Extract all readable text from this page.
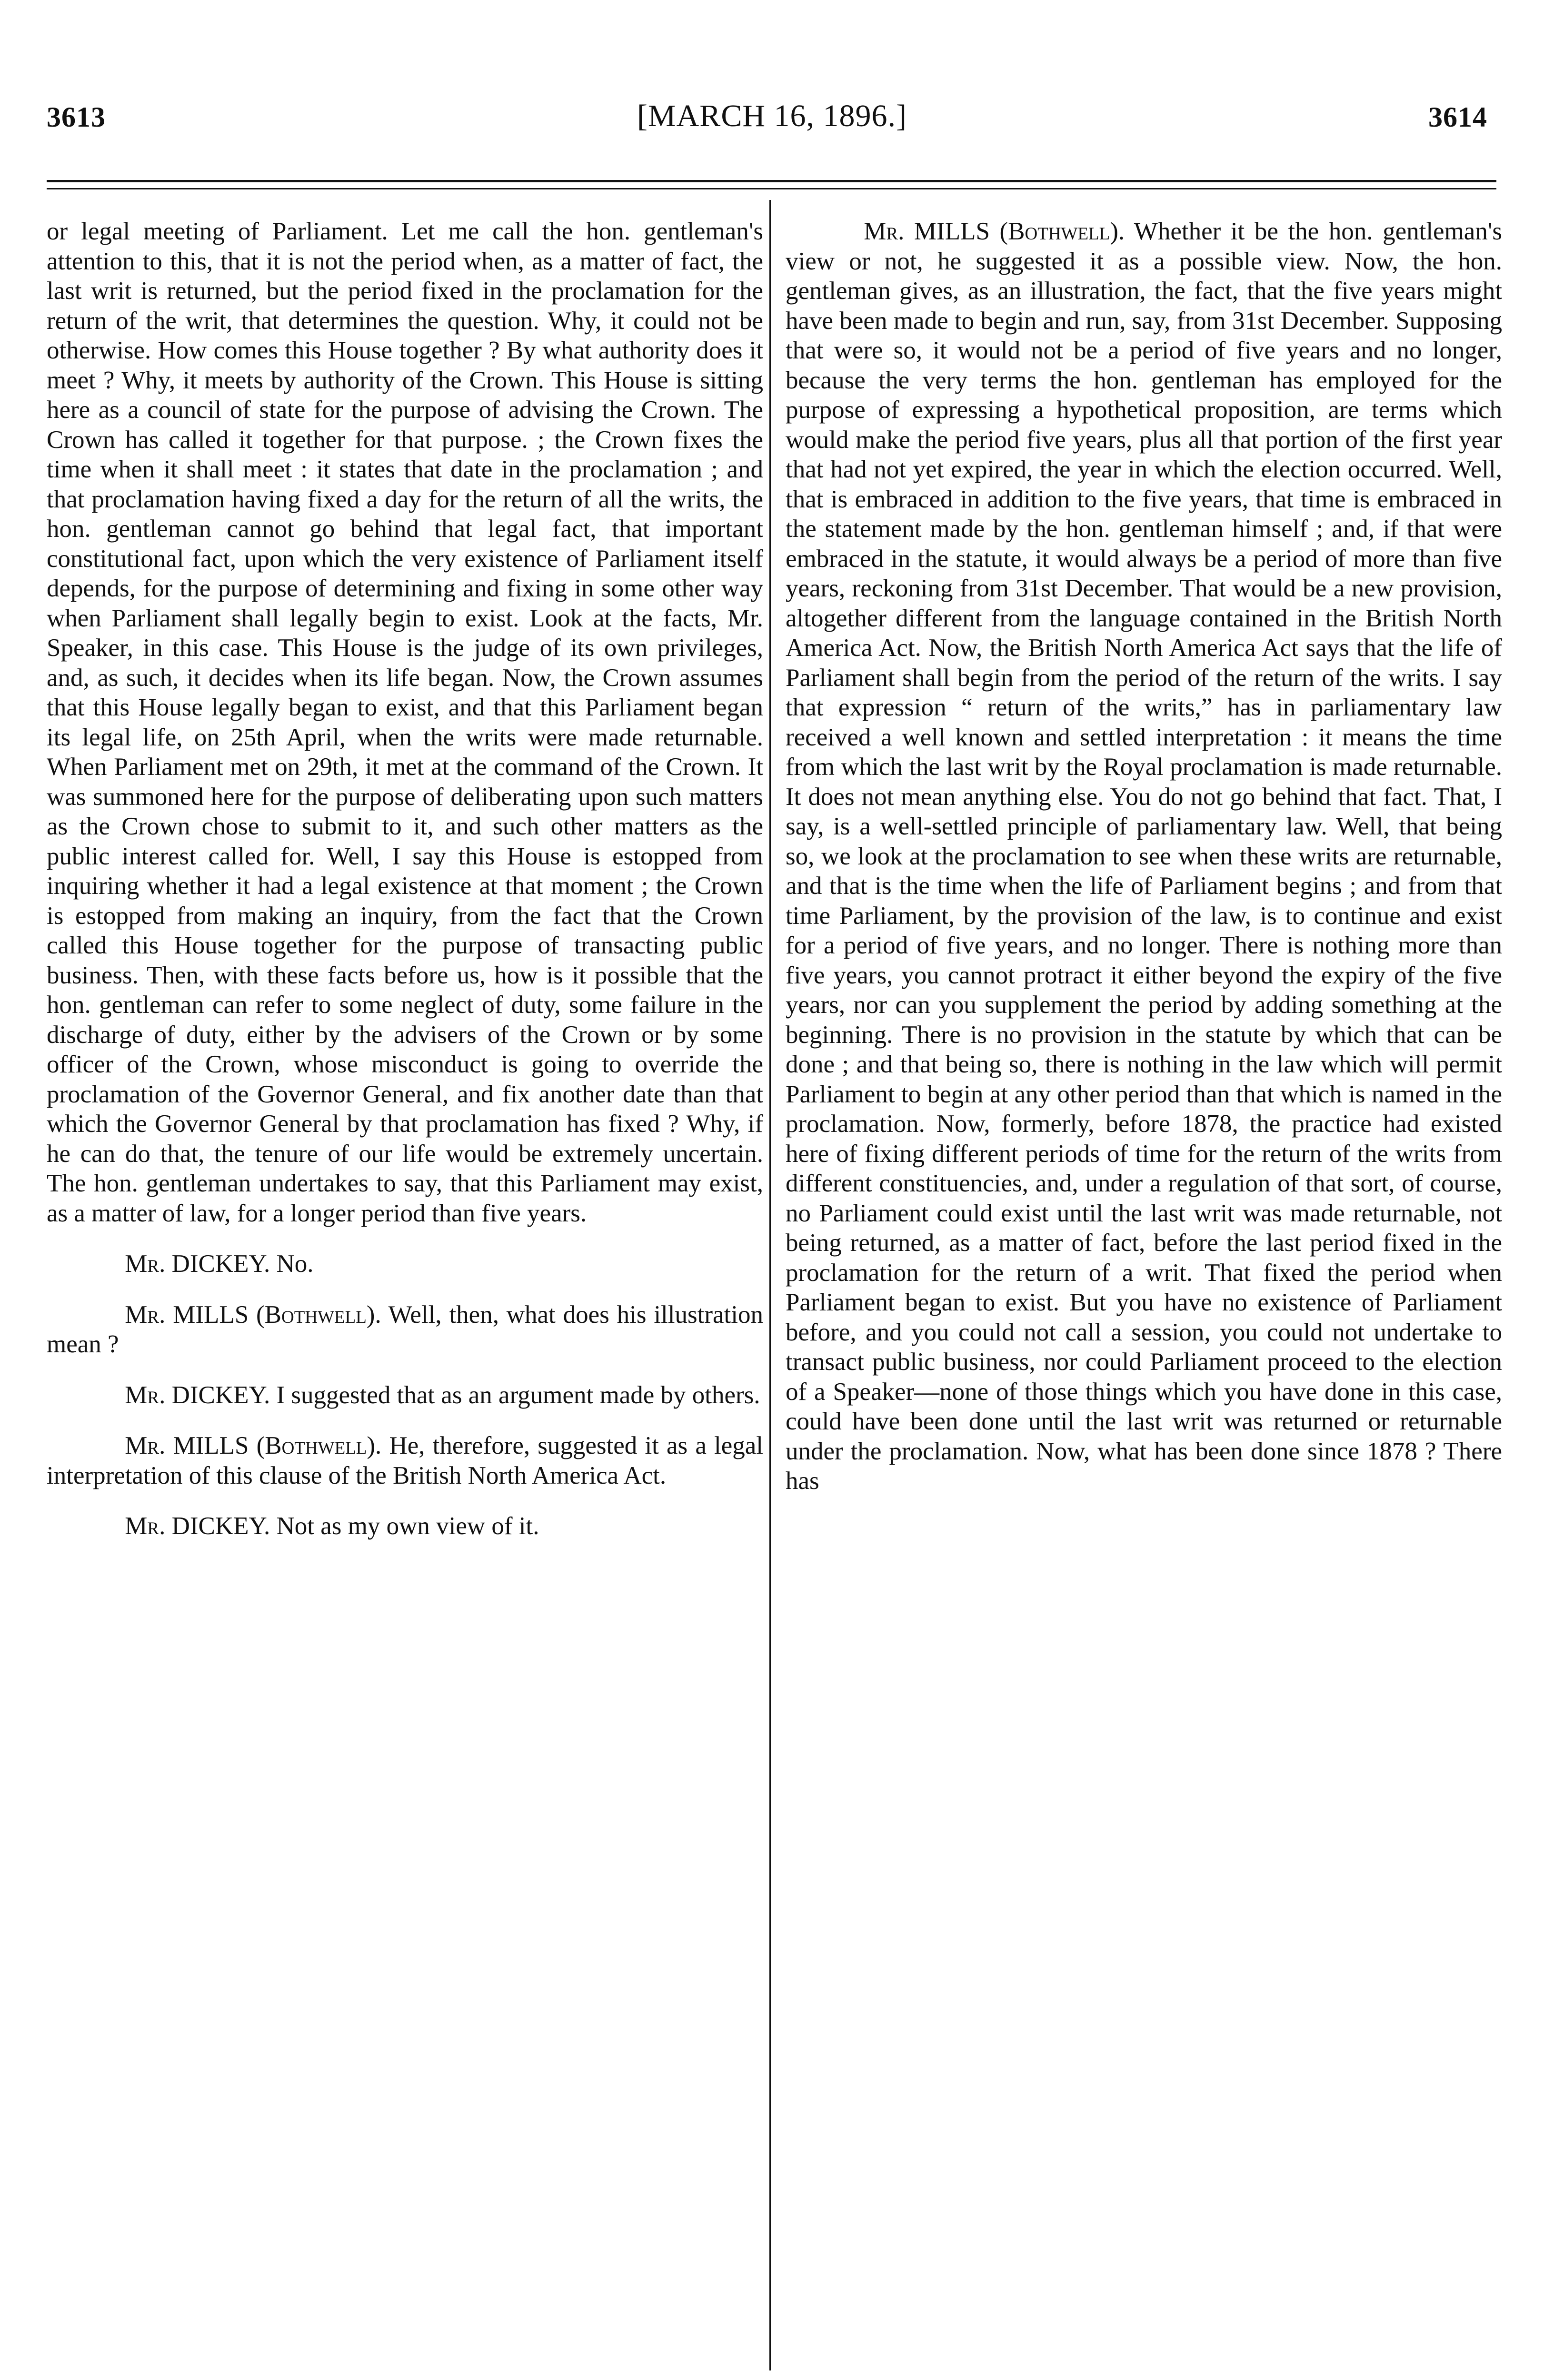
3613	[MARCH 16, 1896.]	3614

or legal meeting of Parliament. Let me call the hon. gentleman's attention to this, that it is not the period when, as a matter of fact, the last writ is returned, but the period fixed in the proclamation for the return of the writ, that determines the question. Why, it could not be otherwise. How comes this House together ? By what authority does it meet ? Why, it meets by authority of the Crown. This House is sitting here as a council of state for the purpose of advising the Crown. The Crown has called it together for that purpose. ; the Crown fixes the time when it shall meet : it states that date in the proclamation ; and that proclamation having fixed a day for the return of all the writs, the hon. gentleman cannot go behind that legal fact, that important constitutional fact, upon which the very existence of Parliament itself depends, for the purpose of determining and fixing in some other way when Parliament shall legally begin to exist. Look at the facts, Mr. Speaker, in this case. This House is the judge of its own privileges, and, as such, it decides when its life began. Now, the Crown assumes that this House legally began to exist, and that this Parliament began its legal life, on 25th April, when the writs were made returnable. When Parliament met on 29th, it met at the command of the Crown. It was summoned here for the purpose of deliberating upon such matters as the Crown chose to submit to it, and such other matters as the public interest called for. Well, I say this House is estopped from inquiring whether it had a legal existence at that moment ; the Crown is estopped from making an inquiry, from the fact that the Crown called this House together for the purpose of transacting public business. Then, with these facts before us, how is it possible that the hon. gentleman can refer to some neglect of duty, some failure in the discharge of duty, either by the advisers of the Crown or by some officer of the Crown, whose misconduct is going to override the proclamation of the Governor General, and fix another date than that which the Governor General by that proclamation has fixed ? Why, if he can do that, the tenure of our life would be extremely uncertain. The hon. gentleman undertakes to say, that this Parliament may exist, as a matter of law, for a longer period than five years.

Mr. DICKEY. No.

Mr. MILLS (Bothwell). Well, then, what does his illustration mean ?

Mr. DICKEY. I suggested that as an argument made by others.

Mr. MILLS (Bothwell). He, therefore, suggested it as a legal interpretation of this clause of the British North America Act.

Mr. DICKEY. Not as my own view of it.

Mr. MILLS (Bothwell). Whether it be the hon. gentleman's view or not, he suggested it as a possible view. Now, the hon. gentleman gives, as an illustration, the fact, that the five years might have been made to begin and run, say, from 31st December. Supposing that were so, it would not be a period of five years and no longer, because the very terms the hon. gentleman has employed for the purpose of expressing a hypothetical proposition, are terms which would make the period five years, plus all that portion of the first year that had not yet expired, the year in which the election occurred. Well, that is embraced in addition to the five years, that time is embraced in the statement made by the hon. gentleman himself ; and, if that were embraced in the statute, it would always be a period of more than five years, reckoning from 31st December. That would be a new provision, altogether different from the language contained in the British North America Act. Now, the British North America Act says that the life of Parliament shall begin from the period of the return of the writs. I say that expression “ return of the writs,” has in parliamentary law received a well known and settled interpretation : it means the time from which the last writ by the Royal proclamation is made returnable. It does not mean anything else. You do not go behind that fact. That, I say, is a well-settled principle of parliamentary law. Well, that being so, we look at the proclamation to see when these writs are returnable, and that is the time when the life of Parliament begins ; and from that time Parliament, by the provision of the law, is to continue and exist for a period of five years, and no longer. There is nothing more than five years, you cannot protract it either beyond the expiry of the five years, nor can you supplement the period by adding something at the beginning. There is no provision in the statute by which that can be done ; and that being so, there is nothing in the law which will permit Parliament to begin at any other period than that which is named in the proclamation. Now, formerly, before 1878, the practice had existed here of fixing different periods of time for the return of the writs from different constituencies, and, under a regulation of that sort, of course, no Parliament could exist until the last writ was made returnable, not being returned, as a matter of fact, before the last period fixed in the proclamation for the return of a writ. That fixed the period when Parliament began to exist. But you have no existence of Parliament before, and you could not call a session, you could not undertake to transact public business, nor could Parliament proceed to the election of a Speaker—none of those things which you have done in this case, could have been done until the last writ was returned or returnable under the proclamation. Now, what has been done since 1878 ? There has
